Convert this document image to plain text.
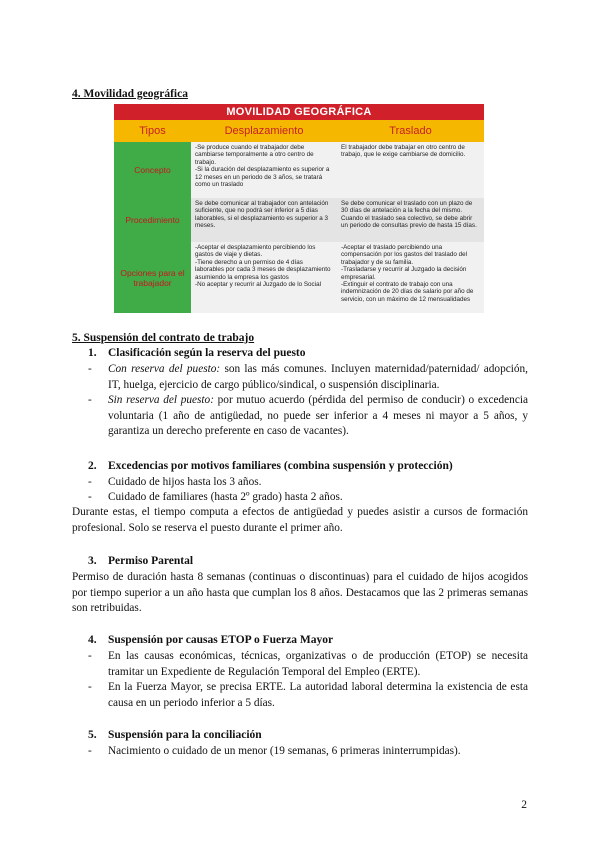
4. Movilidad geográfica
MOVILIDAD GEOGRÁFICA
Tipos	Desplazamiento	Traslado
Concepto
-Se produce cuando el trabajador debe cambiarse temporalmente a otro centro de trabajo.
-Si la duración del desplazamiento es superior a 12 meses en un periodo de 3 años, se tratará como un traslado
El trabajador debe trabajar en otro centro de trabajo, que le exige cambiarse de domicilio.
Procedimiento
Se debe comunicar al trabajador con antelación suficiente, que no podrá ser inferior a 5 días laborables, si el desplazamiento es superior a 3 meses.
Se debe comunicar el traslado con un plazo de 30 días de antelación a la fecha del mismo. Cuando el traslado sea colectivo, se debe abrir un periodo de consultas previo de hasta 15 días.
Opciones para el trabajador
-Aceptar el desplazamiento percibiendo los gastos de viaje y dietas.
-Tiene derecho a un permiso de 4 días laborables por cada 3 meses de desplazamiento asumiendo la empresa los gastos
-No aceptar y recurrir al Juzgado de lo Social
-Aceptar el traslado percibiendo una compensación por los gastos del traslado del trabajador y de su familia.
-Trasladarse y recurrir al Juzgado la decisión empresarial.
-Extinguir el contrato de trabajo con una indemnización de 20 días de salario por año de servicio, con un máximo de 12 mensualidades
5. Suspensión del contrato de trabajo
1. Clasificación según la reserva del puesto
- Con reserva del puesto: son las más comunes. Incluyen maternidad/paternidad/ adopción, IT, huelga, ejercicio de cargo público/sindical, o suspensión disciplinaria.
- Sin reserva del puesto: por mutuo acuerdo (pérdida del permiso de conducir) o excedencia voluntaria (1 año de antigüedad, no puede ser inferior a 4 meses ni mayor a 5 años, y garantiza un derecho preferente en caso de vacantes).
2. Excedencias por motivos familiares (combina suspensión y protección)
- Cuidado de hijos hasta los 3 años.
- Cuidado de familiares (hasta 2º grado) hasta 2 años.
Durante estas, el tiempo computa a efectos de antigüedad y puedes asistir a cursos de formación profesional. Solo se reserva el puesto durante el primer año.
3. Permiso Parental
Permiso de duración hasta 8 semanas (continuas o discontinuas) para el cuidado de hijos acogidos por tiempo superior a un año hasta que cumplan los 8 años. Destacamos que las 2 primeras semanas son retribuidas.
4. Suspensión por causas ETOP o Fuerza Mayor
- En las causas económicas, técnicas, organizativas o de producción (ETOP) se necesita tramitar un Expediente de Regulación Temporal del Empleo (ERTE).
- En la Fuerza Mayor, se precisa ERTE. La autoridad laboral determina la existencia de esta causa en un periodo inferior a 5 días.
5. Suspensión para la conciliación
- Nacimiento o cuidado de un menor (19 semanas, 6 primeras ininterrumpidas).
2
